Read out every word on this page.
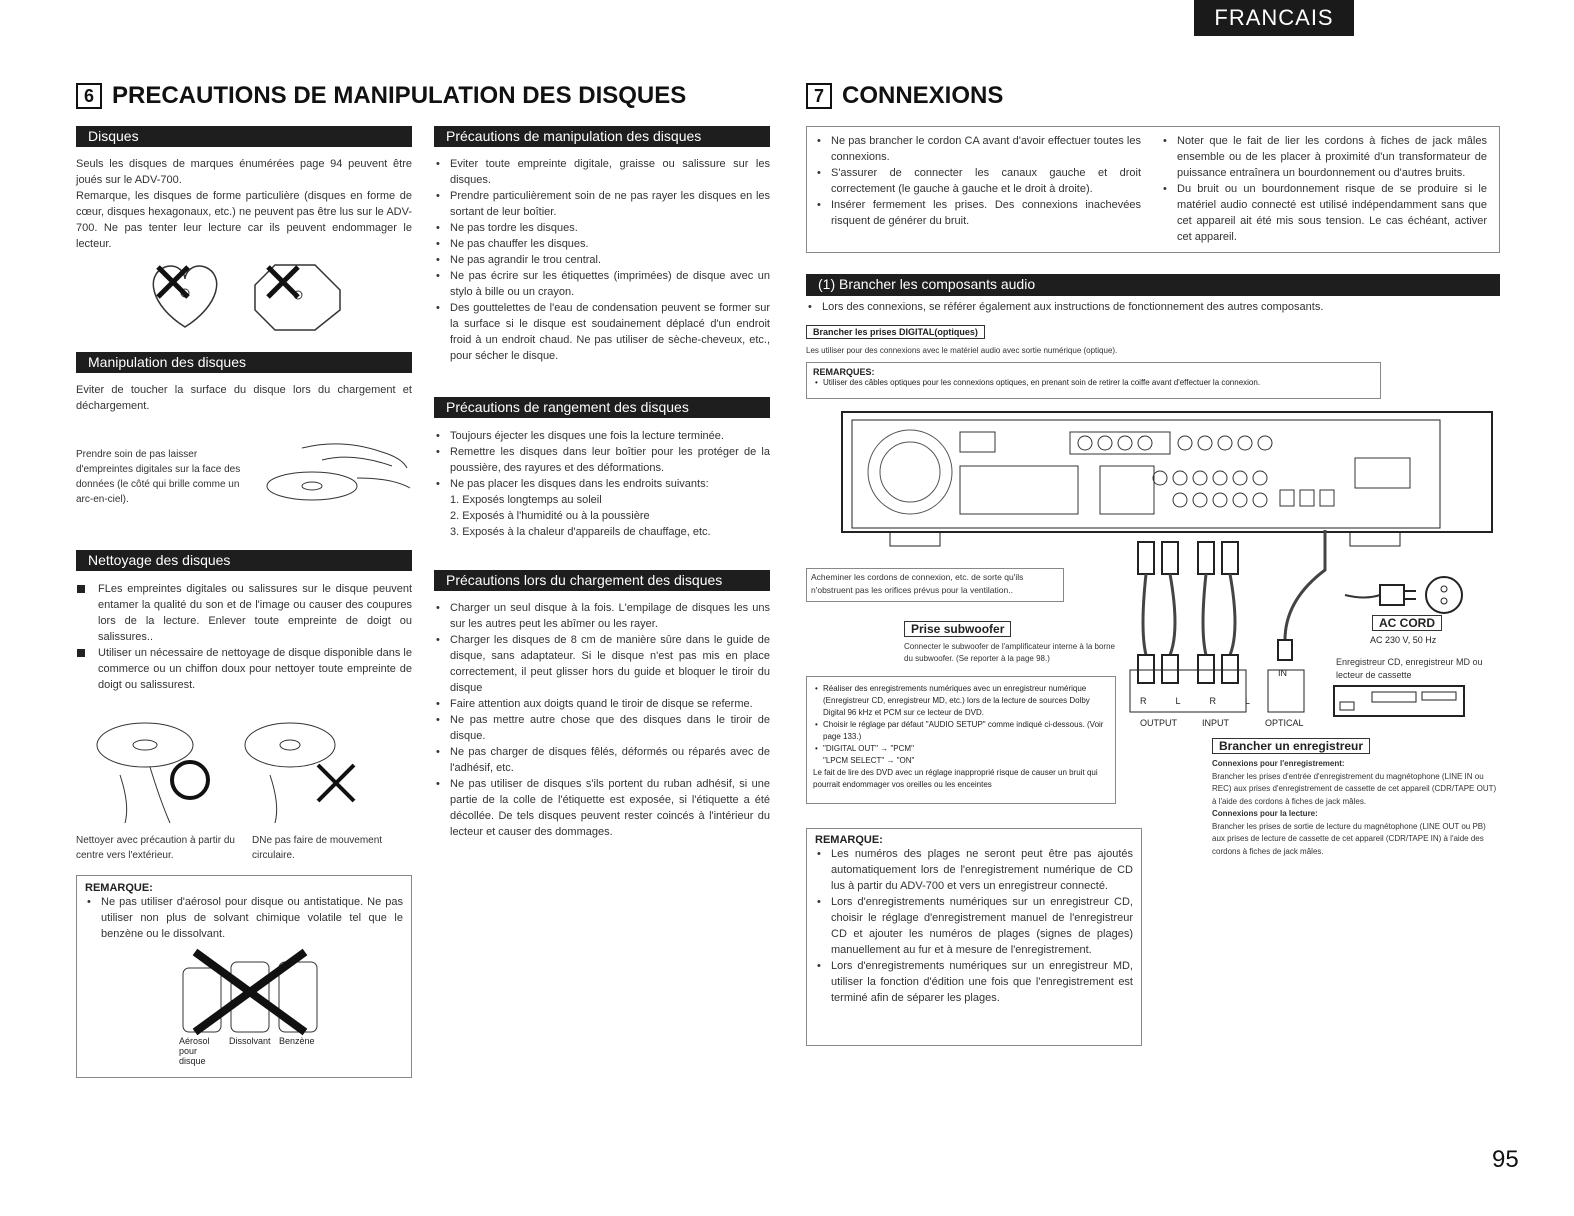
FRANCAIS
6 PRECAUTIONS DE MANIPULATION DES DISQUES	7 CONNEXIONS
Disques

Seuls les disques de marques énumérées page 94 peuvent être joués sur le ADV-700.

Remarque, les disques de forme particulière (disques en forme de cœur, disques hexagonaux, etc.) ne peuvent pas être lus sur le ADV-700. Ne pas tenter leur lecture car ils peuvent endommager le lecteur.

Manipulation des disques

Eviter de toucher la surface du disque lors du chargement et déchargement.

Prendre soin de pas laisser d'empreintes digitales sur la face des données (le côté qui brille comme un arc-en-ciel).

Nettoyage des disques
FLes empreintes digitales ou salissures sur le disque peuvent entamer la qualité du son et de l'image ou causer des coupures lors de la lecture. Enlever toute empreinte de doigt ou salissures..
Utiliser un nécessaire de nettoyage de disque disponible dans le commerce ou un chiffon doux pour nettoyer toute empreinte de doigt ou salissurest.

Nettoyer avec précaution à partir du centre vers l'extérieur.

DNe pas faire de mouvement circulaire.

REMARQUE:
• Ne pas utiliser d'aérosol pour disque ou antistatique. Ne pas utiliser non plus de solvant chimique volatile tel que le benzène ou le dissolvant.
Aérosol pour disque
Dissolvant Benzène
Précautions de manipulation des disques
• Eviter toute empreinte digitale, graisse ou salissure sur les disques.
• Prendre particulièrement soin de ne pas rayer les disques en les sortant de leur boîtier.
• Ne pas tordre les disques.
• Ne pas chauffer les disques.
• Ne pas agrandir le trou central.
• Ne pas écrire sur les étiquettes (imprimées) de disque avec un stylo à bille ou un crayon.
• Des gouttelettes de l'eau de condensation peuvent se former sur la surface si le disque est soudainement déplacé d'un endroit froid à un endroit chaud. Ne pas utiliser de sèche-cheveux, etc., pour sécher le disque.
Précautions de rangement des disques
• Toujours éjecter les disques une fois la lecture terminée.
• Remettre les disques dans leur boîtier pour les protéger de la poussière, des rayures et des déformations.
• Ne pas placer les disques dans les endroits suivants:
1. Exposés longtemps au soleil
2. Exposés à l'humidité ou à la poussière
3. Exposés à la chaleur d'appareils de chauffage, etc.
Précautions lors du chargement des disques
• Charger un seul disque à la fois. L'empilage de disques les uns sur les autres peut les abîmer ou les rayer.
• Charger les disques de 8 cm de manière sûre dans le guide de disque, sans adaptateur. Si le disque n'est pas mis en place correctement, il peut glisser hors du guide et bloquer le tiroir du disque
• Faire attention aux doigts quand le tiroir de disque se referme.
• Ne pas mettre autre chose que des disques dans le tiroir de disque.
• Ne pas charger de disques fêlés, déformés ou réparés avec de l'adhésif, etc.
• Ne pas utiliser de disques s'ils portent du ruban adhésif, si une partie de la colle de l'étiquette est exposée, si l'étiquette a été décollée. De tels disques peuvent rester coincés à l'intérieur du lecteur et causer des dommages.
• Ne pas brancher le cordon CA avant d'avoir effectuer toutes les connexions.
• S'assurer de connecter les canaux gauche et droit correctement (le gauche à gauche et le droit à droite).
• Insérer fermement les prises. Des connexions inachevées risquent de générer du bruit.
• Noter que le fait de lier les cordons à fiches de jack mâles ensemble ou de les placer à proximité d'un transformateur de puissance entraînera un bourdonnement ou d'autres bruits.
• Du bruit ou un bourdonnement risque de se produire si le matériel audio connecté est utilisé indépendamment sans que cet appareil ait été mis sous tension. Le cas échéant, activer cet appareil.
(1) Brancher les composants audio
• Lors des connexions, se référer également aux instructions de fonctionnement des autres composants.
Brancher les prises DIGITAL(optiques)

Les utiliser pour des connexions avec le matériel audio avec sortie numérique (optique).

REMARQUES:
• Utiliser des câbles optiques pour les connexions optiques, en prenant soin de retirer la coiffe avant d'effectuer la connexion.
Acheminer les cordons de connexion, etc. de sorte qu'ils n'obstruent pas les orifices prévus pour la ventilation..
R	L	R	L
IN
OUTPUT	INPUT	OPTICAL
AC CORD
AC 230 V, 50 Hz

Enregistreur CD, enregistreur MD ou lecteur de cassette

Prise subwoofer

Connecter le subwoofer de l'amplificateur interne à la borne du subwoofer. (Se reporter à la page 98.)

• Réaliser des enregistrements numériques avec un enregistreur numérique (Enregistreur CD, enregistreur MD, etc.) lors de la lecture de sources Dolby Digital 96 kHz et PCM sur ce lecteur de DVD.
• Choisir le réglage par défaut "AUDIO SETUP" comme indiqué ci-dessous. (Voir page 133.)
• "DIGITAL OUT" → "PCM"

"LPCM SELECT" → "ON"

Le fait de lire des DVD avec un réglage inapproprié risque de causer un bruit qui pourrait endommager vos oreilles ou les enceintes

REMARQUE:
• Les numéros des plages ne seront peut être pas ajoutés automatiquement lors de l'enregistrement numérique de CD lus à partir du ADV-700 et vers un enregistreur connecté.
• Lors d'enregistrements numériques sur un enregistreur CD, choisir le réglage d'enregistrement manuel de l'enregistreur CD et ajouter les numéros de plages (signes de plages) manuellement au fur et à mesure de l'enregistrement.
• Lors d'enregistrements numériques sur un enregistreur MD, utiliser la fonction d'édition une fois que l'enregistrement est terminé afin de séparer les plages.
Brancher un enregistreur
Connexions pour l'enregistrement:

Brancher les prises d'entrée d'enregistrement du magnétophone (LINE IN ou REC) aux prises d'enregistrement de cassette de cet appareil (CDR/TAPE OUT) à l'aide des cordons à fiches de jack mâles.

Connexions pour la lecture:

Brancher les prises de sortie de lecture du magnétophone (LINE OUT ou PB) aux prises de lecture de cassette de cet appareil (CDR/TAPE IN) à l'aide des cordons à fiches de jack mâles.

95
